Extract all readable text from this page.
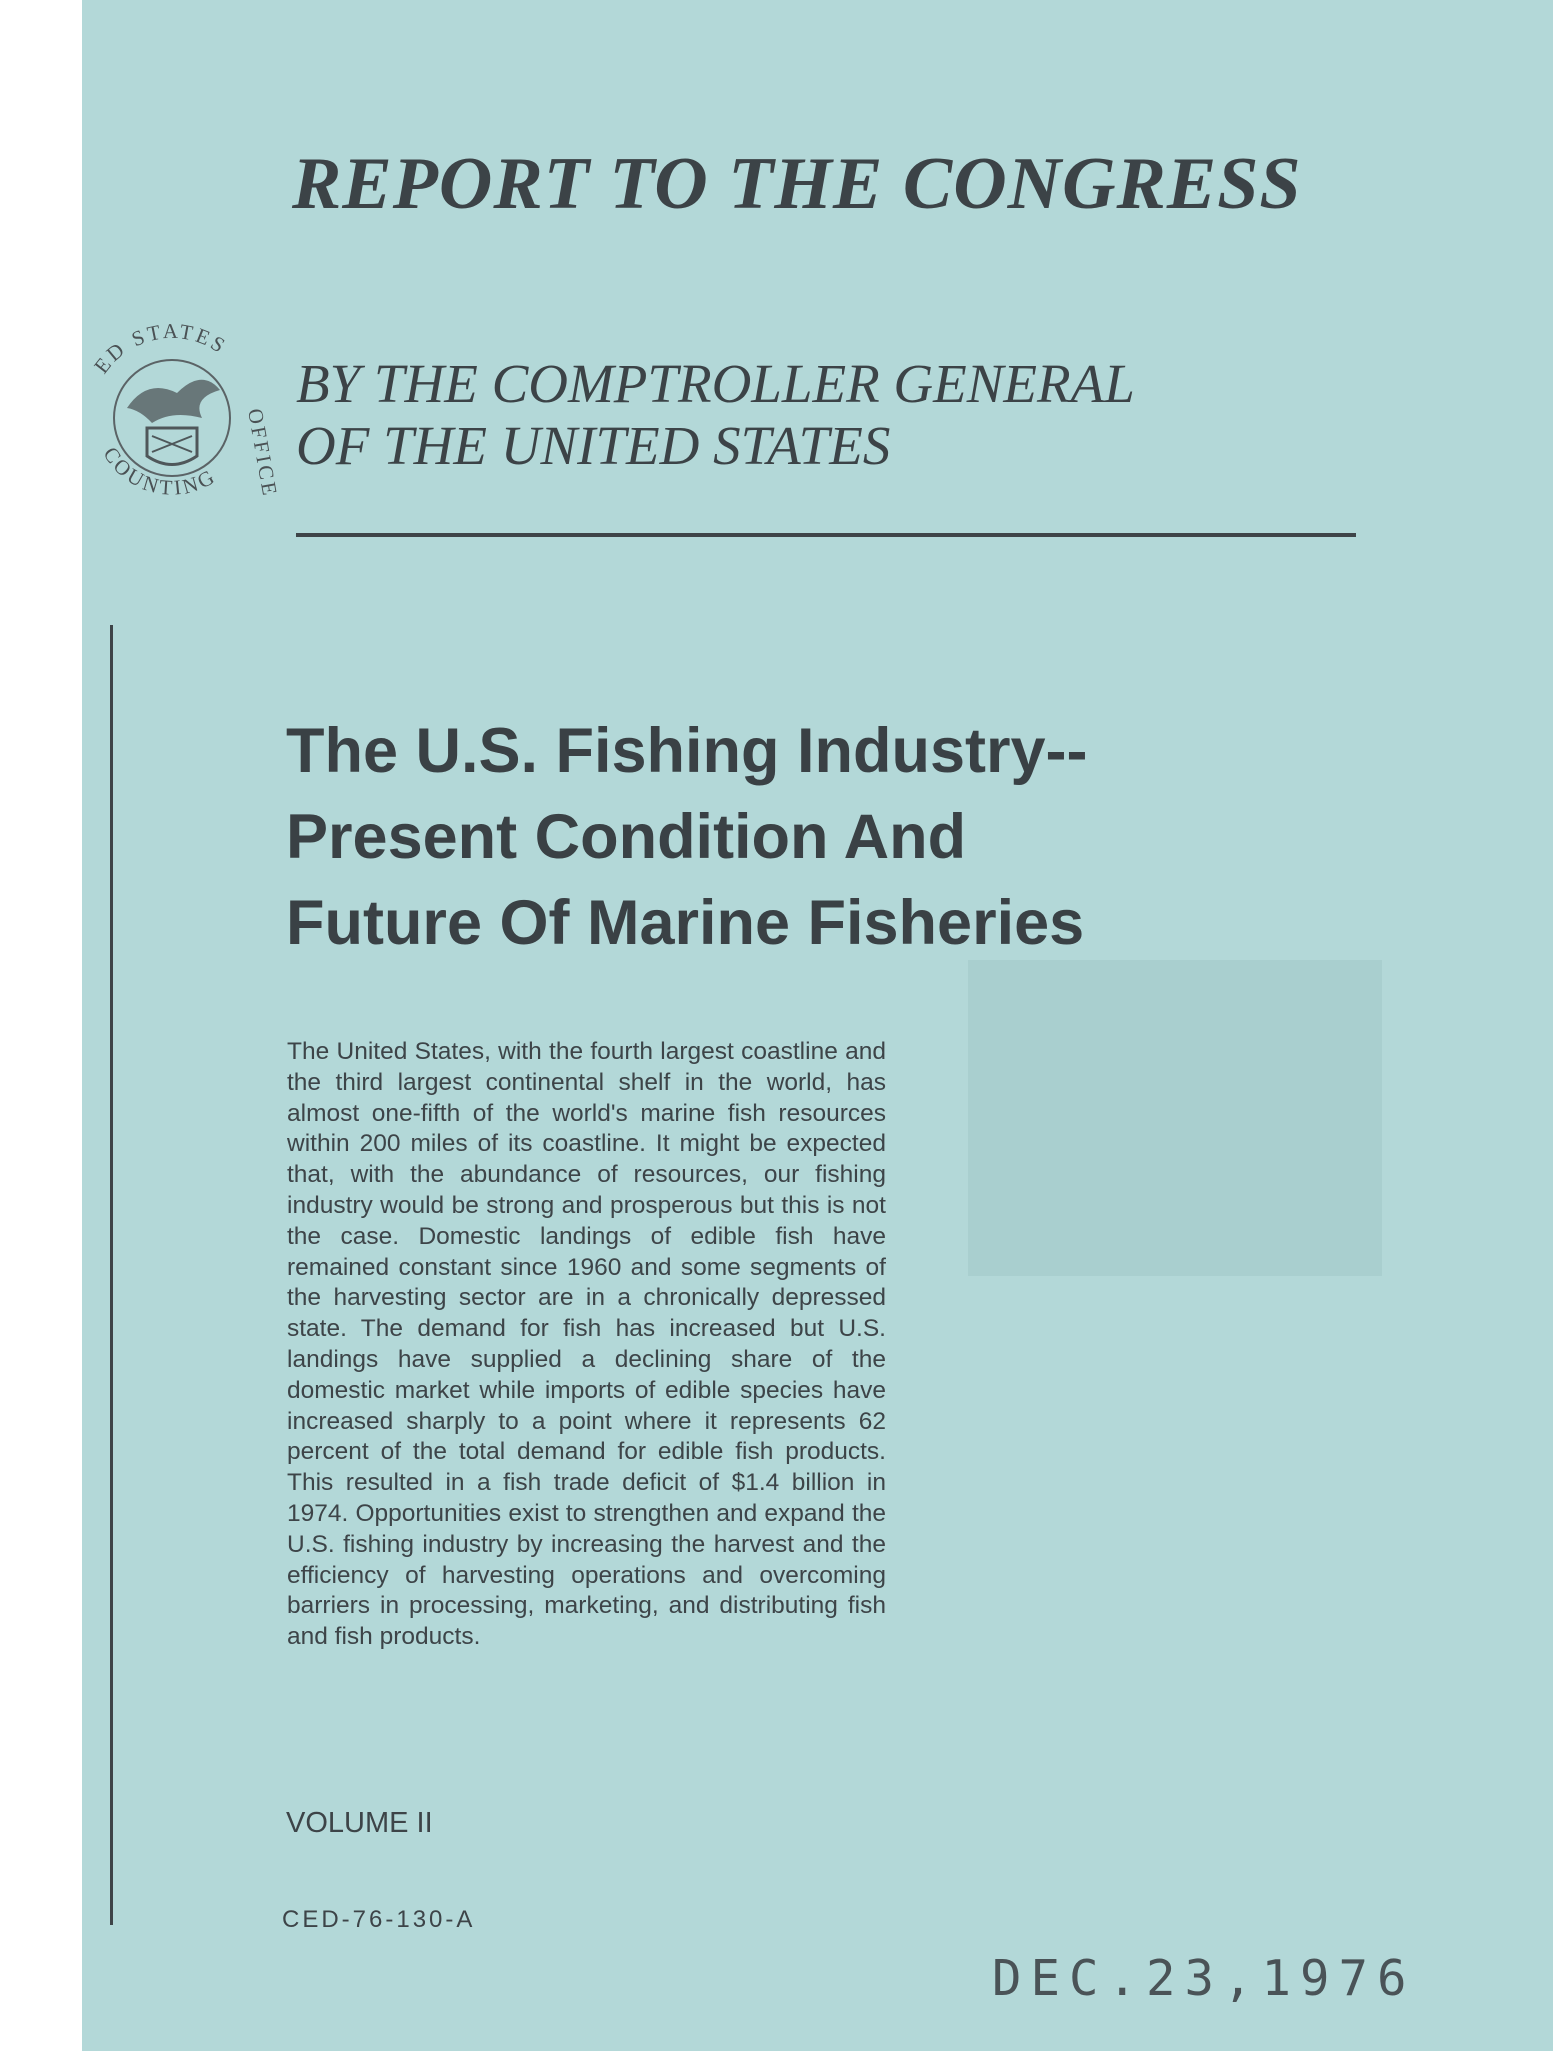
ED STATES
COUNTING OFFICE
REPORT TO THE CONGRESS
BY THE COMPTROLLER GENERAL
OF THE UNITED STATES
The U.S. Fishing Industry--
Present Condition And
Future Of Marine Fisheries

The United States, with the fourth largest coastline and the third largest continental shelf in the world, has almost one-fifth of the world's marine fish resources within 200 miles of its coastline. It might be expected that, with the abundance of resources, our fishing industry would be strong and prosperous but this is not the case. Domestic landings of edible fish have remained constant since 1960 and some segments of the harvesting sector are in a chronically depressed state. The demand for fish has increased but U.S. landings have supplied a declining share of the domestic market while imports of edible species have increased sharply to a point where it represents 62 percent of the total demand for edible fish products. This resulted in a fish trade deficit of $1.4 billion in 1974. Opportunities exist to strengthen and expand the U.S. fishing industry by increasing the harvest and the efficiency of harvesting operations and overcoming barriers in processing, marketing, and distributing fish and fish products.

VOLUME II

CED-76-130-A

DEC.23,1976
